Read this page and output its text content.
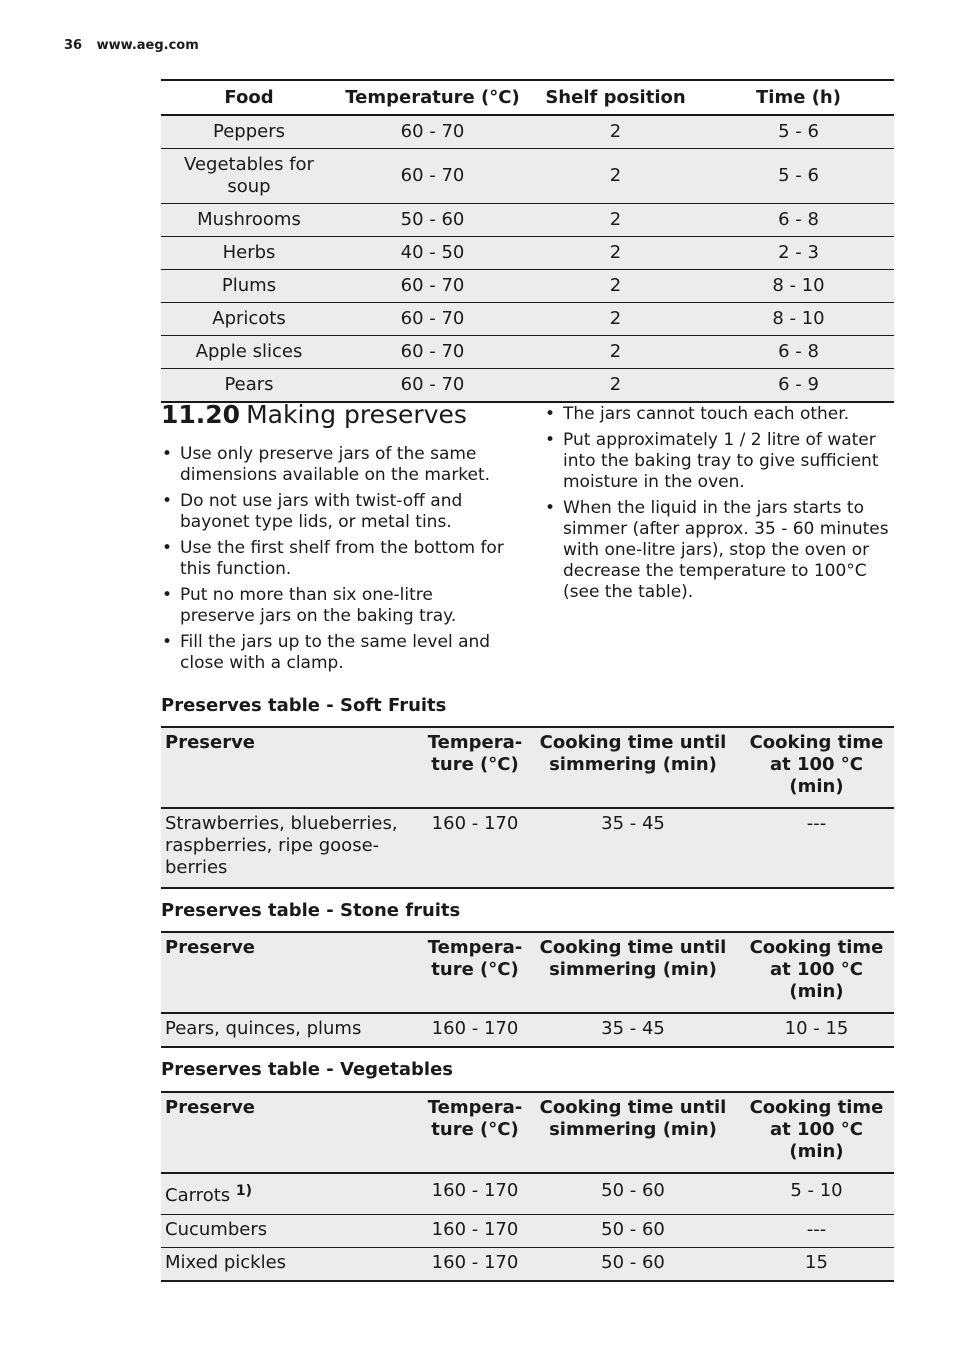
36 www.aeg.com
Food	Temperature (°C)	Shelf position	Time (h)
Peppers	60 - 70	2	5 - 6
Vegetables for soup	60 - 70	2	5 - 6
Mushrooms	50 - 60	2	6 - 8
Herbs	40 - 50	2	2 - 3
Plums	60 - 70	2	8 - 10
Apricots	60 - 70	2	8 - 10
Apple slices	60 - 70	2	6 - 8
Pears	60 - 70	2	6 - 9
11.20 Making preserves
• Use only preserve jars of the same dimensions available on the market.
• Do not use jars with twist-off and bayonet type lids, or metal tins.
• Use the first shelf from the bottom for this function.
• Put no more than six one-litre preserve jars on the baking tray.
• Fill the jars up to the same level and close with a clamp.
• The jars cannot touch each other.
• Put approximately 1 / 2 litre of water into the baking tray to give sufficient moisture in the oven.
• When the liquid in the jars starts to simmer (after approx. 35 - 60 minutes with one-litre jars), stop the oven or decrease the temperature to 100°C (see the table).
Preserves table - Soft Fruits
Preserve	Tempera-ture (°C)	Cooking time until simmering (min)	Cooking time at 100 °C (min)
Strawberries, blueberries, raspberries, ripe goose-berries	160 - 170	35 - 45	---
Preserves table - Stone fruits
Preserve	Tempera-ture (°C)	Cooking time until simmering (min)	Cooking time at 100 °C (min)
Pears, quinces, plums	160 - 170	35 - 45	10 - 15
Preserves table - Vegetables
Preserve	Tempera-ture (°C)	Cooking time until simmering (min)	Cooking time at 100 °C (min)
Carrots $^{1)}$	160 - 170	50 - 60	5 - 10
Cucumbers	160 - 170	50 - 60	---
Mixed pickles	160 - 170	50 - 60	15
